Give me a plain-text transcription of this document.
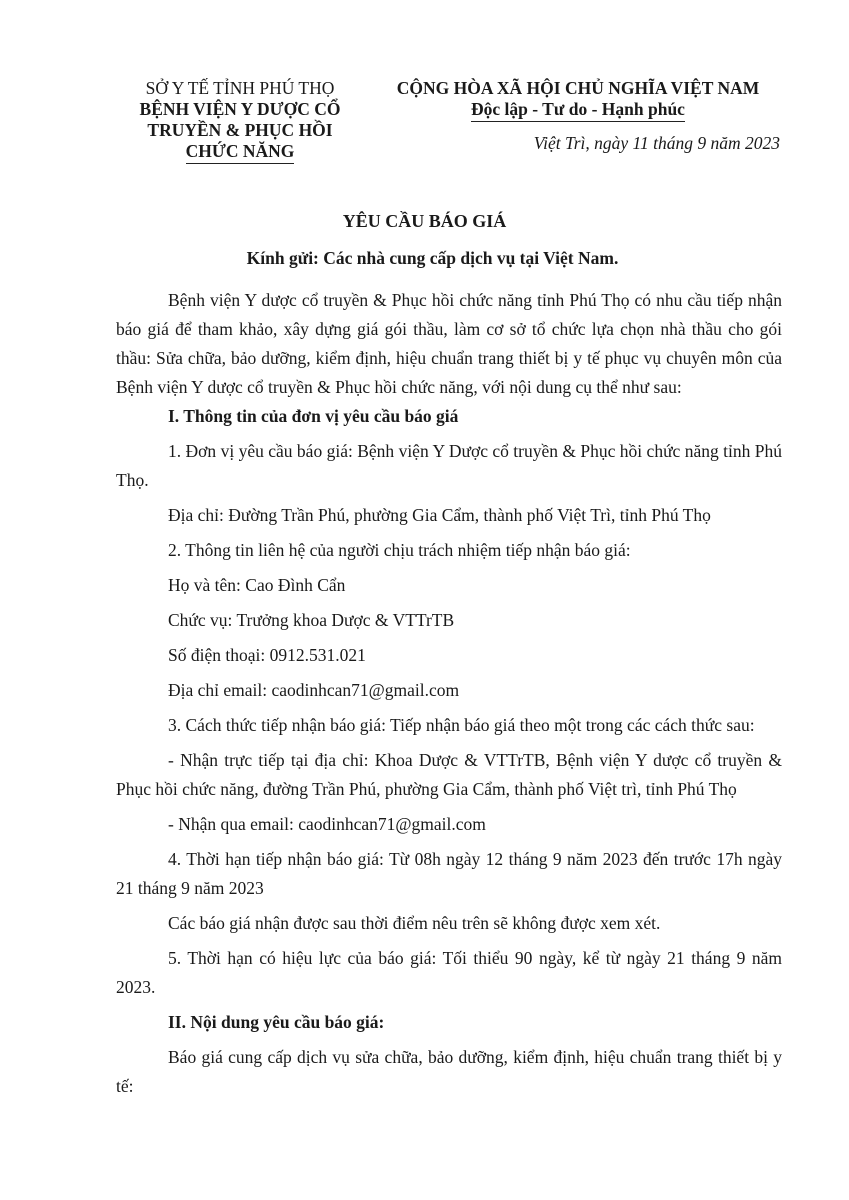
SỞ Y TẾ TỈNH PHÚ THỌ
BỆNH VIỆN Y DƯỢC CỔ
TRUYỀN & PHỤC HỒI
CHỨC NĂNG
CỘNG HÒA XÃ HỘI CHỦ NGHĨA VIỆT NAM
Độc lập - Tư do - Hạnh phúc
Việt Trì, ngày 11 tháng 9 năm 2023
YÊU CẦU BÁO GIÁ
Kính gửi: Các nhà cung cấp dịch vụ tại Việt Nam.

Bệnh viện Y dược cổ truyền & Phục hồi chức năng tỉnh Phú Thọ có nhu cầu tiếp nhận báo giá để tham khảo, xây dựng giá gói thầu, làm cơ sở tổ chức lựa chọn nhà thầu cho gói thầu: Sửa chữa, bảo dưỡng, kiểm định, hiệu chuẩn trang thiết bị y tế phục vụ chuyên môn của Bệnh viện Y dược cổ truyền & Phục hồi chức năng, với nội dung cụ thể như sau:

I. Thông tin của đơn vị yêu cầu báo giá

1. Đơn vị yêu cầu báo giá: Bệnh viện Y Dược cổ truyền & Phục hồi chức năng tỉnh Phú Thọ.

Địa chỉ: Đường Trần Phú, phường Gia Cẩm, thành phố Việt Trì, tỉnh Phú Thọ

2. Thông tin liên hệ của người chịu trách nhiệm tiếp nhận báo giá:

Họ và tên: Cao Đình Cẩn

Chức vụ: Trưởng khoa Dược & VTTrTB

Số điện thoại: 0912.531.021

Địa chỉ email: caodinhcan71@gmail.com

3. Cách thức tiếp nhận báo giá: Tiếp nhận báo giá theo một trong các cách thức sau:

- Nhận trực tiếp tại địa chỉ: Khoa Dược & VTTrTB, Bệnh viện Y dược cổ truyền & Phục hồi chức năng, đường Trần Phú, phường Gia Cẩm, thành phố Việt trì, tỉnh Phú Thọ

- Nhận qua email: caodinhcan71@gmail.com

4. Thời hạn tiếp nhận báo giá: Từ 08h ngày 12 tháng 9 năm 2023 đến trước 17h ngày 21 tháng 9 năm 2023

Các báo giá nhận được sau thời điểm nêu trên sẽ không được xem xét.

5. Thời hạn có hiệu lực của báo giá: Tối thiểu 90 ngày, kể từ ngày 21 tháng 9 năm 2023.

II. Nội dung yêu cầu báo giá:

Báo giá cung cấp dịch vụ sửa chữa, bảo dưỡng, kiểm định, hiệu chuẩn trang thiết bị y tế:
